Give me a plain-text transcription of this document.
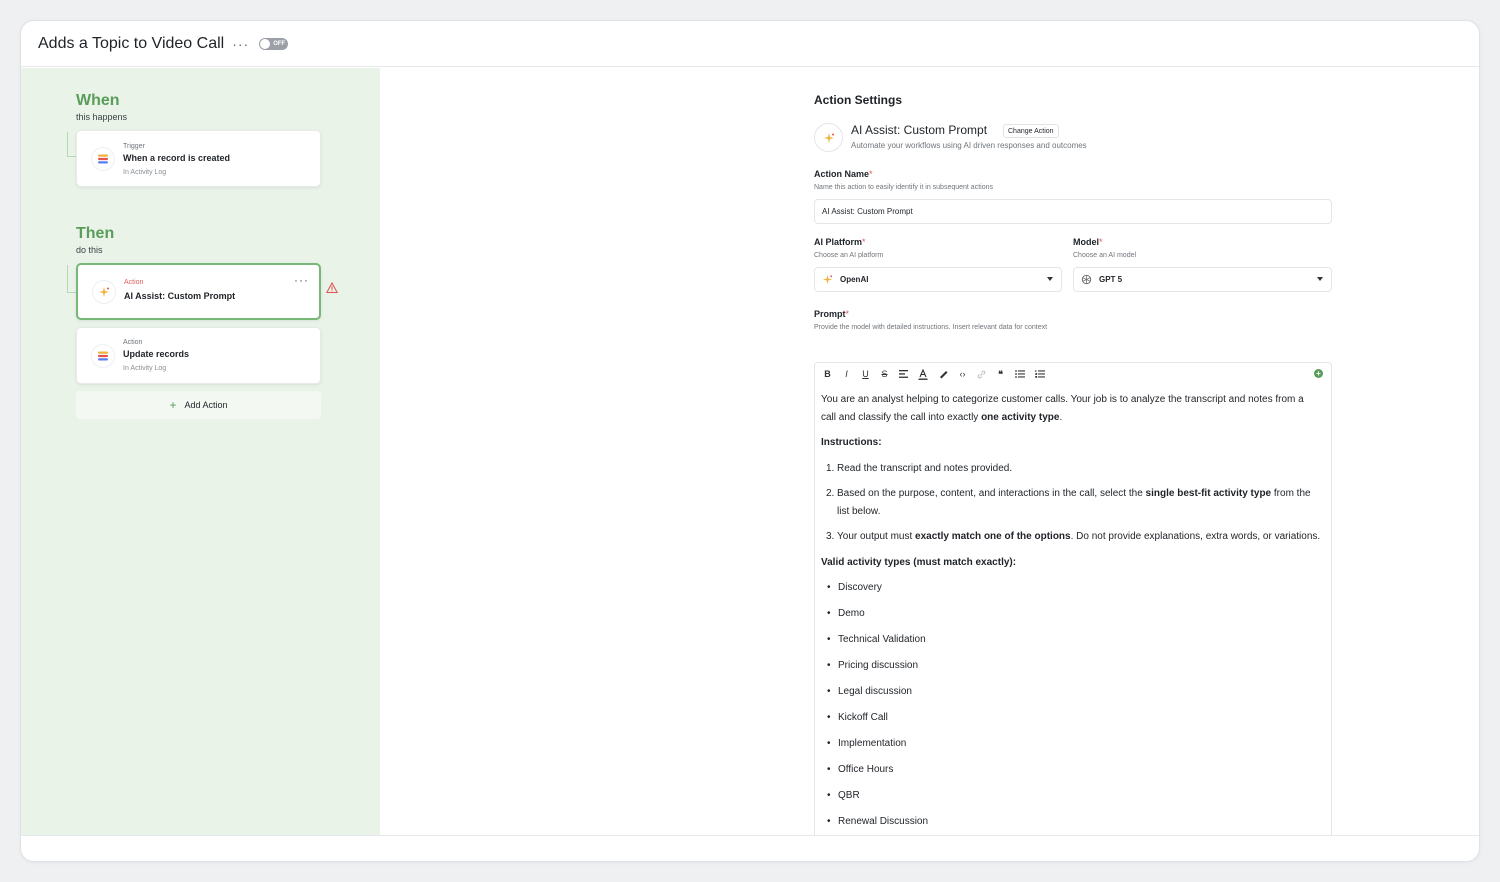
Adds a Topic to Video Call ···	OFF
When
this happens
Trigger
When a record is created
In Activity Log
Then
do this
Action
AI Assist: Custom Prompt
···
Action
Update records
In Activity Log
+ Add Action
Action Settings
AI Assist: Custom Prompt	Change Action
Automate your workflows using AI driven responses and outcomes
Action Name*
Name this action to easily identify it in subsequent actions
AI Assist: Custom Prompt
AI Platform*
Choose an AI platform
OpenAI
Model*
Choose an AI model
GPT 5
Prompt*
Provide the model with detailed instructions. Insert relevant data for context
B	I	U S	‹›	❝	+

You are an analyst helping to categorize customer calls. Your job is to analyze the transcript and notes from a call and classify the call into exactly one activity type.

Instructions:

1. Read the transcript and notes provided.
2. Based on the purpose, content, and interactions in the call, select the single best-fit activity type from the list below.
3. Your output must exactly match one of the options. Do not provide explanations, extra words, or variations.

Valid activity types (must match exactly):

• Discovery
• Demo
• Technical Validation
• Pricing discussion
• Legal discussion
• Kickoff Call
• Implementation
• Office Hours
• QBR
• Renewal Discussion
